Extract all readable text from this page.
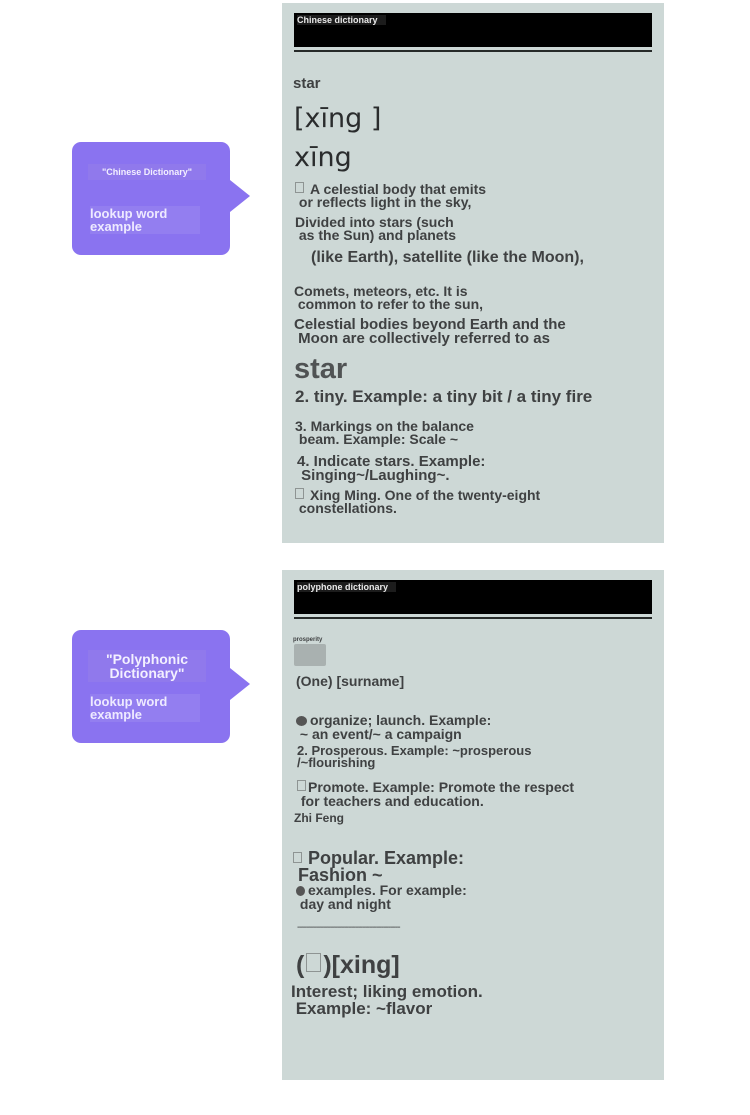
"Chinese Dictionary"
lookup word
example
"Polyphonic
Dictionary"
lookup word
example
Chinese dictionary
star
[xīng ]
xīng
A celestial body that emits
or reflects light in the sky,
Divided into stars (such
as the Sun) and planets
(like Earth), satellite (like the Moon),
Comets, meteors, etc. It is
common to refer to the sun,
Celestial bodies beyond Earth and the
Moon are collectively referred to as
star
2. tiny. Example: a tiny bit / a tiny fire
3. Markings on the balance
beam. Example: Scale ~
4. Indicate stars. Example:
Singing~/Laughing~.
Xing Ming. One of the twenty-eight
constellations.
polyphone dictionary
prosperity
(One) [surname]
organize; launch. Example:
~ an event/~ a campaign
2. Prosperous. Example: ~prosperous
/~flourishing
Promote. Example: Promote the respect
for teachers and education.
Zhi Feng
Popular. Example:
Fashion ~
examples. For example:
day and night
--------------------------------------------
( )[xing]
Interest; liking emotion.
Example: ~flavor
